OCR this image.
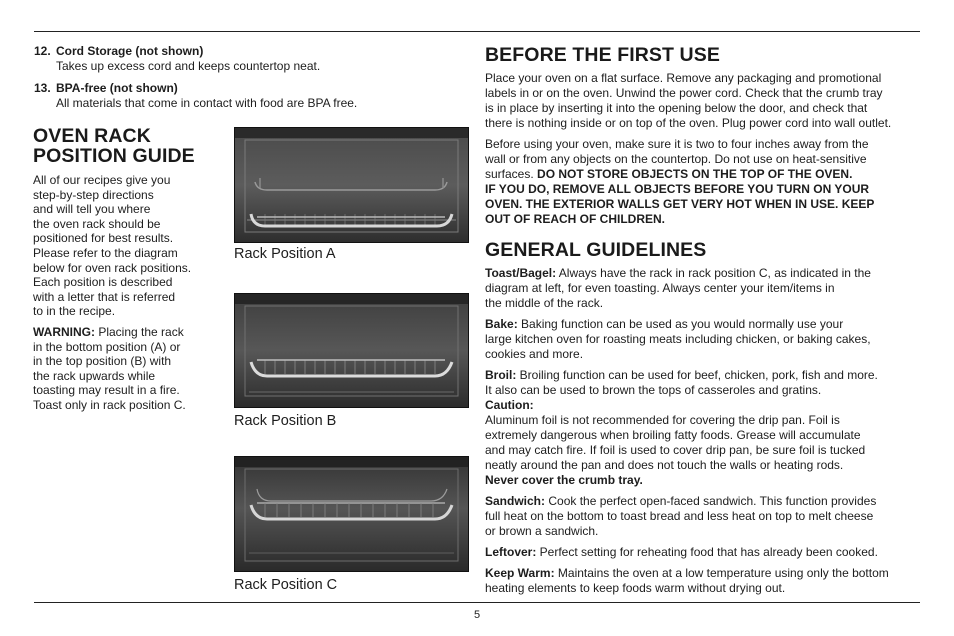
12. Cord Storage (not shown)
Takes up excess cord and keeps countertop neat.
13. BPA-free (not shown)
All materials that come in contact with food are BPA free.
OVEN RACK
POSITION GUIDE
All of our recipes give you
step-by-step directions
and will tell you where
the oven rack should be
positioned for best results.
Please refer to the diagram
below for oven rack positions.
Each position is described
with a letter that is referred
to in the recipe.
WARNING: Placing the rack
in the bottom position (A) or
in the top position (B) with
the rack upwards while
toasting may result in a fire.
Toast only in rack position C.
Rack Position A
Rack Position B
Rack Position C
BEFORE THE FIRST USE
Place your oven on a flat surface. Remove any packaging and promotional
labels in or on the oven. Unwind the power cord. Check that the crumb tray
is in place by inserting it into the opening below the door, and check that
there is nothing inside or on top of the oven. Plug power cord into wall outlet.
Before using your oven, make sure it is two to four inches away from the
wall or from any objects on the countertop. Do not use on heat-sensitive
surfaces. DO NOT STORE OBJECTS ON THE TOP OF THE OVEN.
IF YOU DO, REMOVE ALL OBJECTS BEFORE YOU TURN ON YOUR
OVEN. THE EXTERIOR WALLS GET VERY HOT WHEN IN USE. KEEP
OUT OF REACH OF CHILDREN.
GENERAL GUIDELINES
Toast/Bagel: Always have the rack in rack position C, as indicated in the
diagram at left, for even toasting. Always center your item/items in
the middle of the rack.
Bake: Baking function can be used as you would normally use your
large kitchen oven for roasting meats including chicken, or baking cakes,
cookies and more.
Broil: Broiling function can be used for beef, chicken, pork, fish and more.
It also can be used to brown the tops of casseroles and gratins.
Caution:
Aluminum foil is not recommended for covering the drip pan. Foil is
extremely dangerous when broiling fatty foods. Grease will accumulate
and may catch fire. If foil is used to cover drip pan, be sure foil is tucked
neatly around the pan and does not touch the walls or heating rods.
Never cover the crumb tray.
Sandwich: Cook the perfect open-faced sandwich. This function provides
full heat on the bottom to toast bread and less heat on top to melt cheese
or brown a sandwich.
Leftover: Perfect setting for reheating food that has already been cooked.
Keep Warm: Maintains the oven at a low temperature using only the bottom
heating elements to keep foods warm without drying out.
5
